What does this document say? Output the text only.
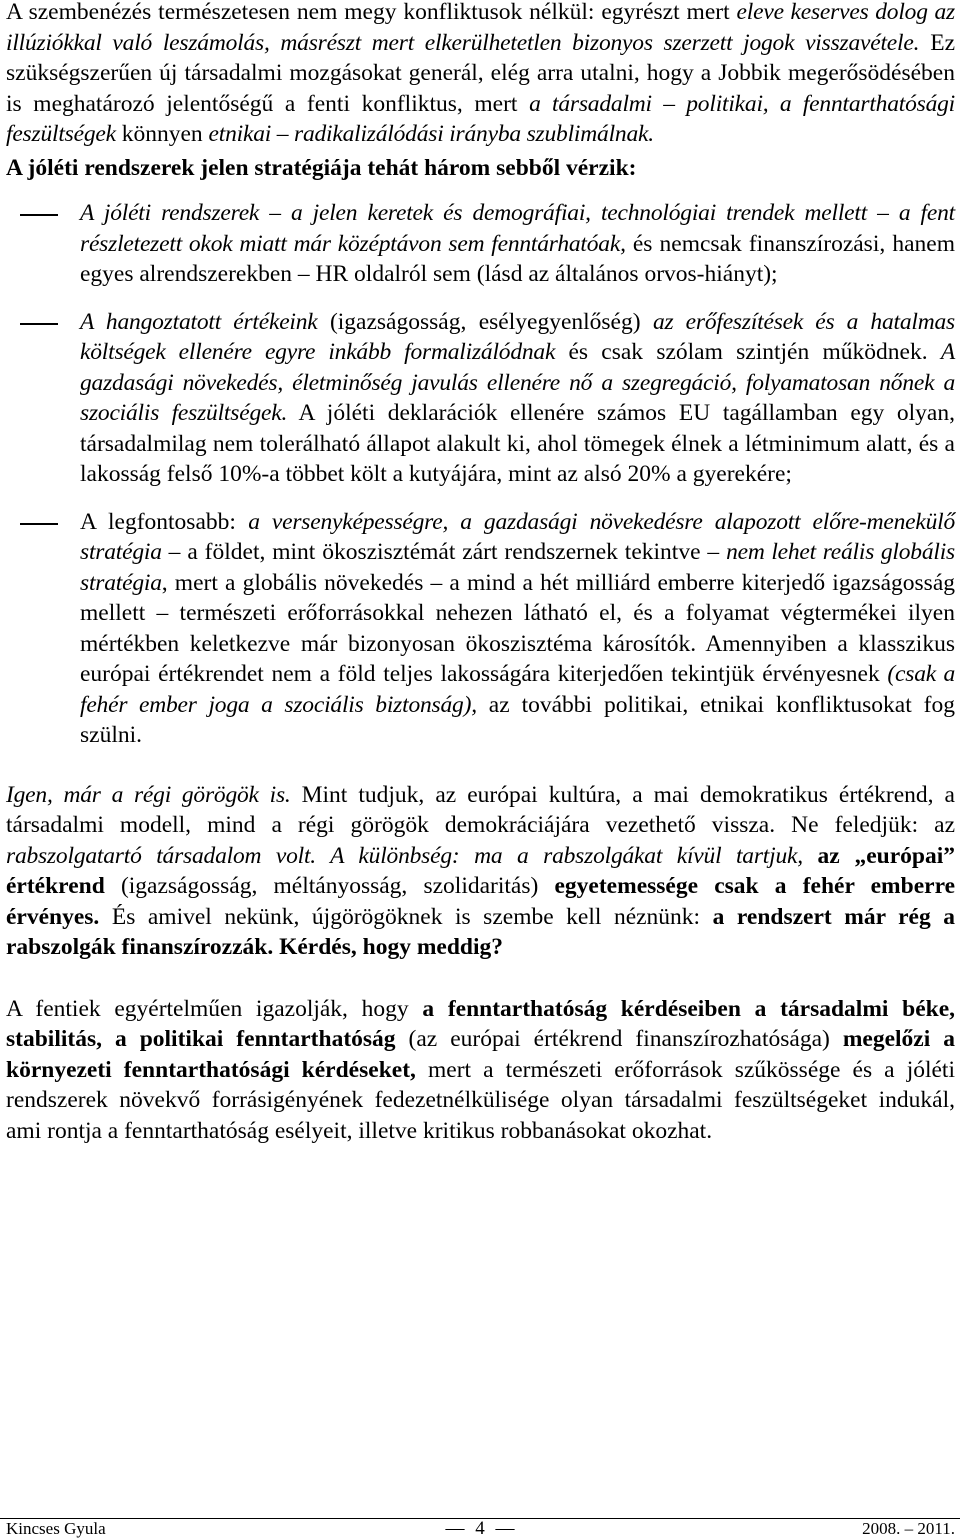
A szembenézés természetesen nem megy konfliktusok nélkül: egyrészt mert eleve keserves dolog az illúziókkal való leszámolás, másrészt mert elkerülhetetlen bizonyos szerzett jogok visszavétele. Ez szükségszerűen új társadalmi mozgásokat generál, elég arra utalni, hogy a Jobbik megerősödésében is meghatározó jelentőségű a fenti konfliktus, mert a társadalmi – politikai, a fenntarthatósági feszültségek könnyen etnikai – radikalizálódási irányba szublimálnak.

A jóléti rendszerek jelen stratégiája tehát három sebből vérzik:

A jóléti rendszerek – a jelen keretek és demográfiai, technológiai trendek mellett – a fent részletezett okok miatt már középtávon sem fenntárhatóak, és nemcsak finanszírozási, hanem egyes alrendszerekben – HR oldalról sem (lásd az általános orvos-hiányt);

A hangoztatott értékeink (igazságosság, esélyegyenlőség) az erőfeszítések és a hatalmas költségek ellenére egyre inkább formalizálódnak és csak szólam szintjén működnek. A gazdasági növekedés, életminőség javulás ellenére nő a szegregáció, folyamatosan nőnek a szociális feszültségek. A jóléti deklarációk ellenére számos EU tagállamban egy olyan, társadalmilag nem tolerálható állapot alakult ki, ahol tömegek élnek a létminimum alatt, és a lakosság felső 10%-a többet költ a kutyájára, mint az alsó 20% a gyerekére;

A legfontosabb: a versenyképességre, a gazdasági növekedésre alapozott előre-menekülő stratégia – a földet, mint ökoszisztémát zárt rendszernek tekintve – nem lehet reális globális stratégia, mert a globális növekedés – a mind a hét milliárd emberre kiterjedő igazságosság mellett – természeti erőforrásokkal nehezen látható el, és a folyamat végtermékei ilyen mértékben keletkezve már bizonyosan ökoszisztéma károsítók. Amennyiben a klasszikus európai értékrendet nem a föld teljes lakosságára kiterjedően tekintjük érvényesnek (csak a fehér ember joga a szociális biztonság), az további politikai, etnikai konfliktusokat fog szülni.

Igen, már a régi görögök is. Mint tudjuk, az európai kultúra, a mai demokratikus értékrend, a társadalmi modell, mind a régi görögök demokráciájára vezethető vissza. Ne feledjük: az rabszolgatartó társadalom volt. A különbség: ma a rabszolgákat kívül tartjuk, az „európai” értékrend (igazságosság, méltányosság, szolidaritás) egyetemessége csak a fehér emberre érvényes. És amivel nekünk, újgörögöknek is szembe kell néznünk: a rendszert már rég a rabszolgák finanszírozzák. Kérdés, hogy meddig?

A fentiek egyértelműen igazolják, hogy a fenntarthatóság kérdéseiben a társadalmi béke, stabilitás, a politikai fenntarthatóság (az európai értékrend finanszírozhatósága) megelőzi a környezeti fenntarthatósági kérdéseket, mert a természeti erőforrások szűkössége és a jóléti rendszerek növekvő forrásigényének fedezetnélkülisége olyan társadalmi feszültségeket indukál, ami rontja a fenntarthatóság esélyeit, illetve kritikus robbanásokat okozhat.

Kincses Gyula	— 4 —	2008. – 2011.
